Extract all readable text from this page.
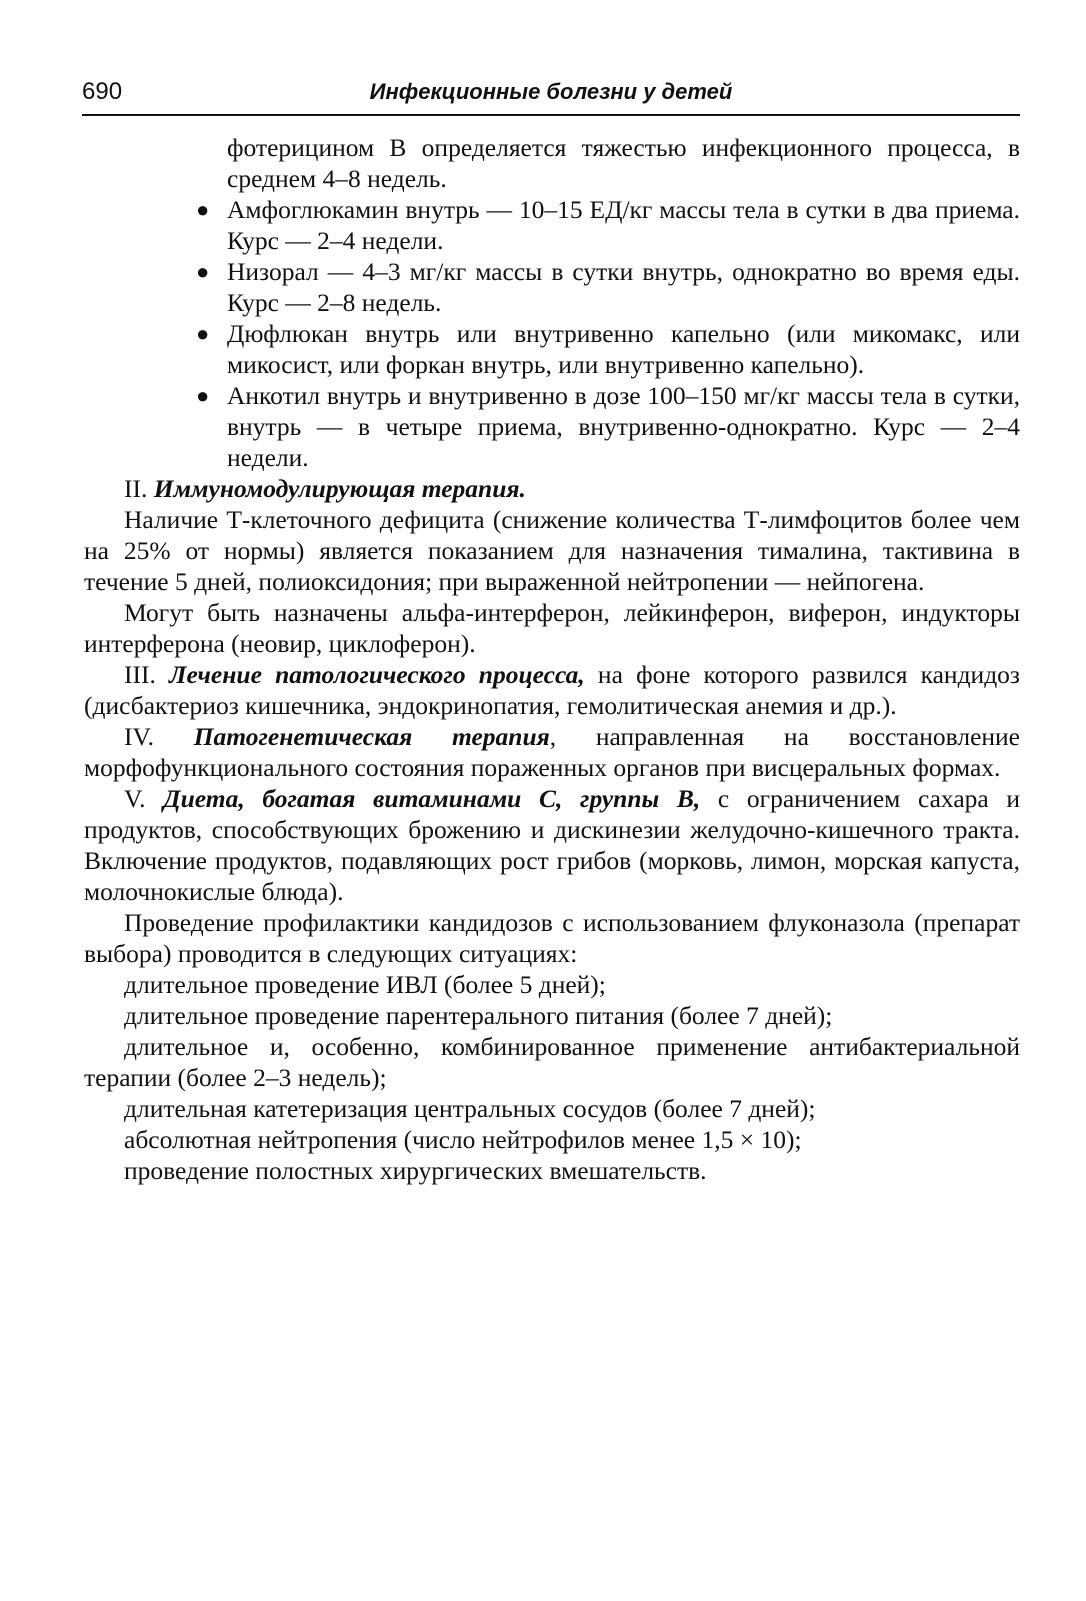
690	Инфекционные болезни у детей

фотерицином В определяется тяжестью инфекционного процесса, в среднем 4–8 недель.

● Амфоглюкамин внутрь — 10–15 ЕД/кг массы тела в сутки в два приема. Курс — 2–4 недели.
● Низорал — 4–3 мг/кг массы в сутки внутрь, однократно во время еды. Курс — 2–8 недель.
● Дюфлюкан внутрь или внутривенно капельно (или микомакс, или микосист, или форкан внутрь, или внутривенно капельно).
● Анкотил внутрь и внутривенно в дозе 100–150 мг/кг массы тела в сутки, внутрь — в четыре приема, внутривенно-однократно. Курс — 2–4 недели.

II. Иммуномодулирующая терапия.

Наличие Т-клеточного дефицита (снижение количества Т-лимфоцитов более чем на 25% от нормы) является показанием для назначения тималина, тактивина в течение 5 дней, полиоксидония; при выраженной нейтропении — нейпогена.

Могут быть назначены альфа-интерферон, лейкинферон, виферон, индукторы интерферона (неовир, циклоферон).

III. Лечение патологического процесса, на фоне которого развился кандидоз (дисбактериоз кишечника, эндокринопатия, гемолитическая анемия и др.).

IV. Патогенетическая терапия, направленная на восстановление морфофункционального состояния пораженных органов при висцеральных формах.

V. Диета, богатая витаминами С, группы В, с ограничением сахара и продуктов, способствующих брожению и дискинезии желудочно-кишечного тракта. Включение продуктов, подавляющих рост грибов (морковь, лимон, морская капуста, молочнокислые блюда).

Проведение профилактики кандидозов с использованием флуконазола (препарат выбора) проводится в следующих ситуациях:

длительное проведение ИВЛ (более 5 дней);

длительное проведение парентерального питания (более 7 дней);

длительное и, особенно, комбинированное применение антибактериальной терапии (более 2–3 недель);

длительная катетеризация центральных сосудов (более 7 дней);

абсолютная нейтропения (число нейтрофилов менее 1,5 × 10);

проведение полостных хирургических вмешательств.
